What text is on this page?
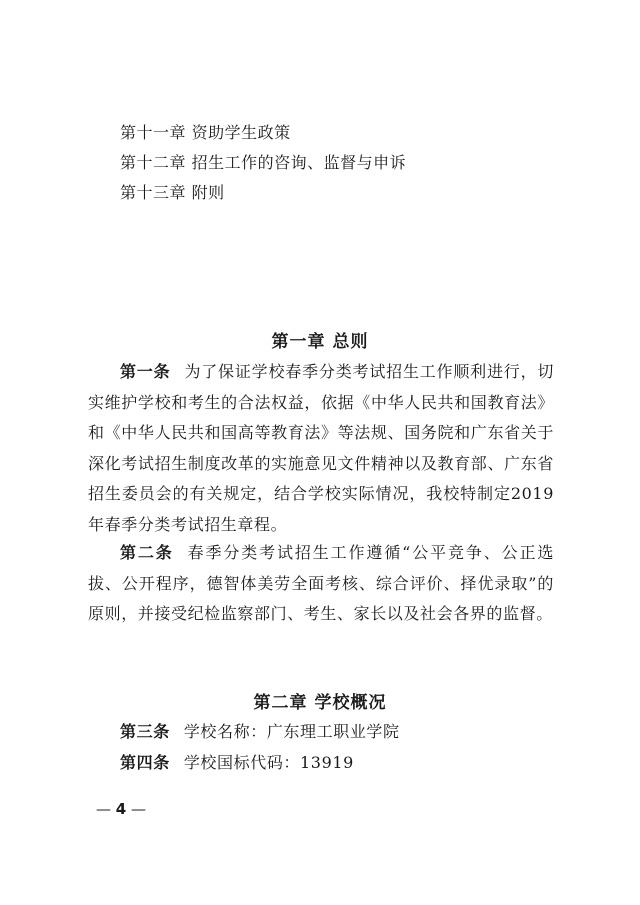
第十一章 资助学生政策
第十二章 招生工作的咨询、监督与申诉
第十三章 附则
第一章 总则
第一条 为了保证学校春季分类考试招生工作顺利进行，切实维护学校和考生的合法权益，依据《中华人民共和国教育法》和《中华人民共和国高等教育法》等法规、国务院和广东省关于深化考试招生制度改革的实施意见文件精神以及教育部、广东省招生委员会的有关规定，结合学校实际情况，我校特制定2019年春季分类考试招生章程。
第二条 春季分类考试招生工作遵循“公平竞争、公正选拔、公开程序，德智体美劳全面考核、综合评价、择优录取”的原则，并接受纪检监察部门、考生、家长以及社会各界的监督。
第二章 学校概况
第三条 学校名称：广东理工职业学院
第四条 学校国标代码：13919
— 4 —
